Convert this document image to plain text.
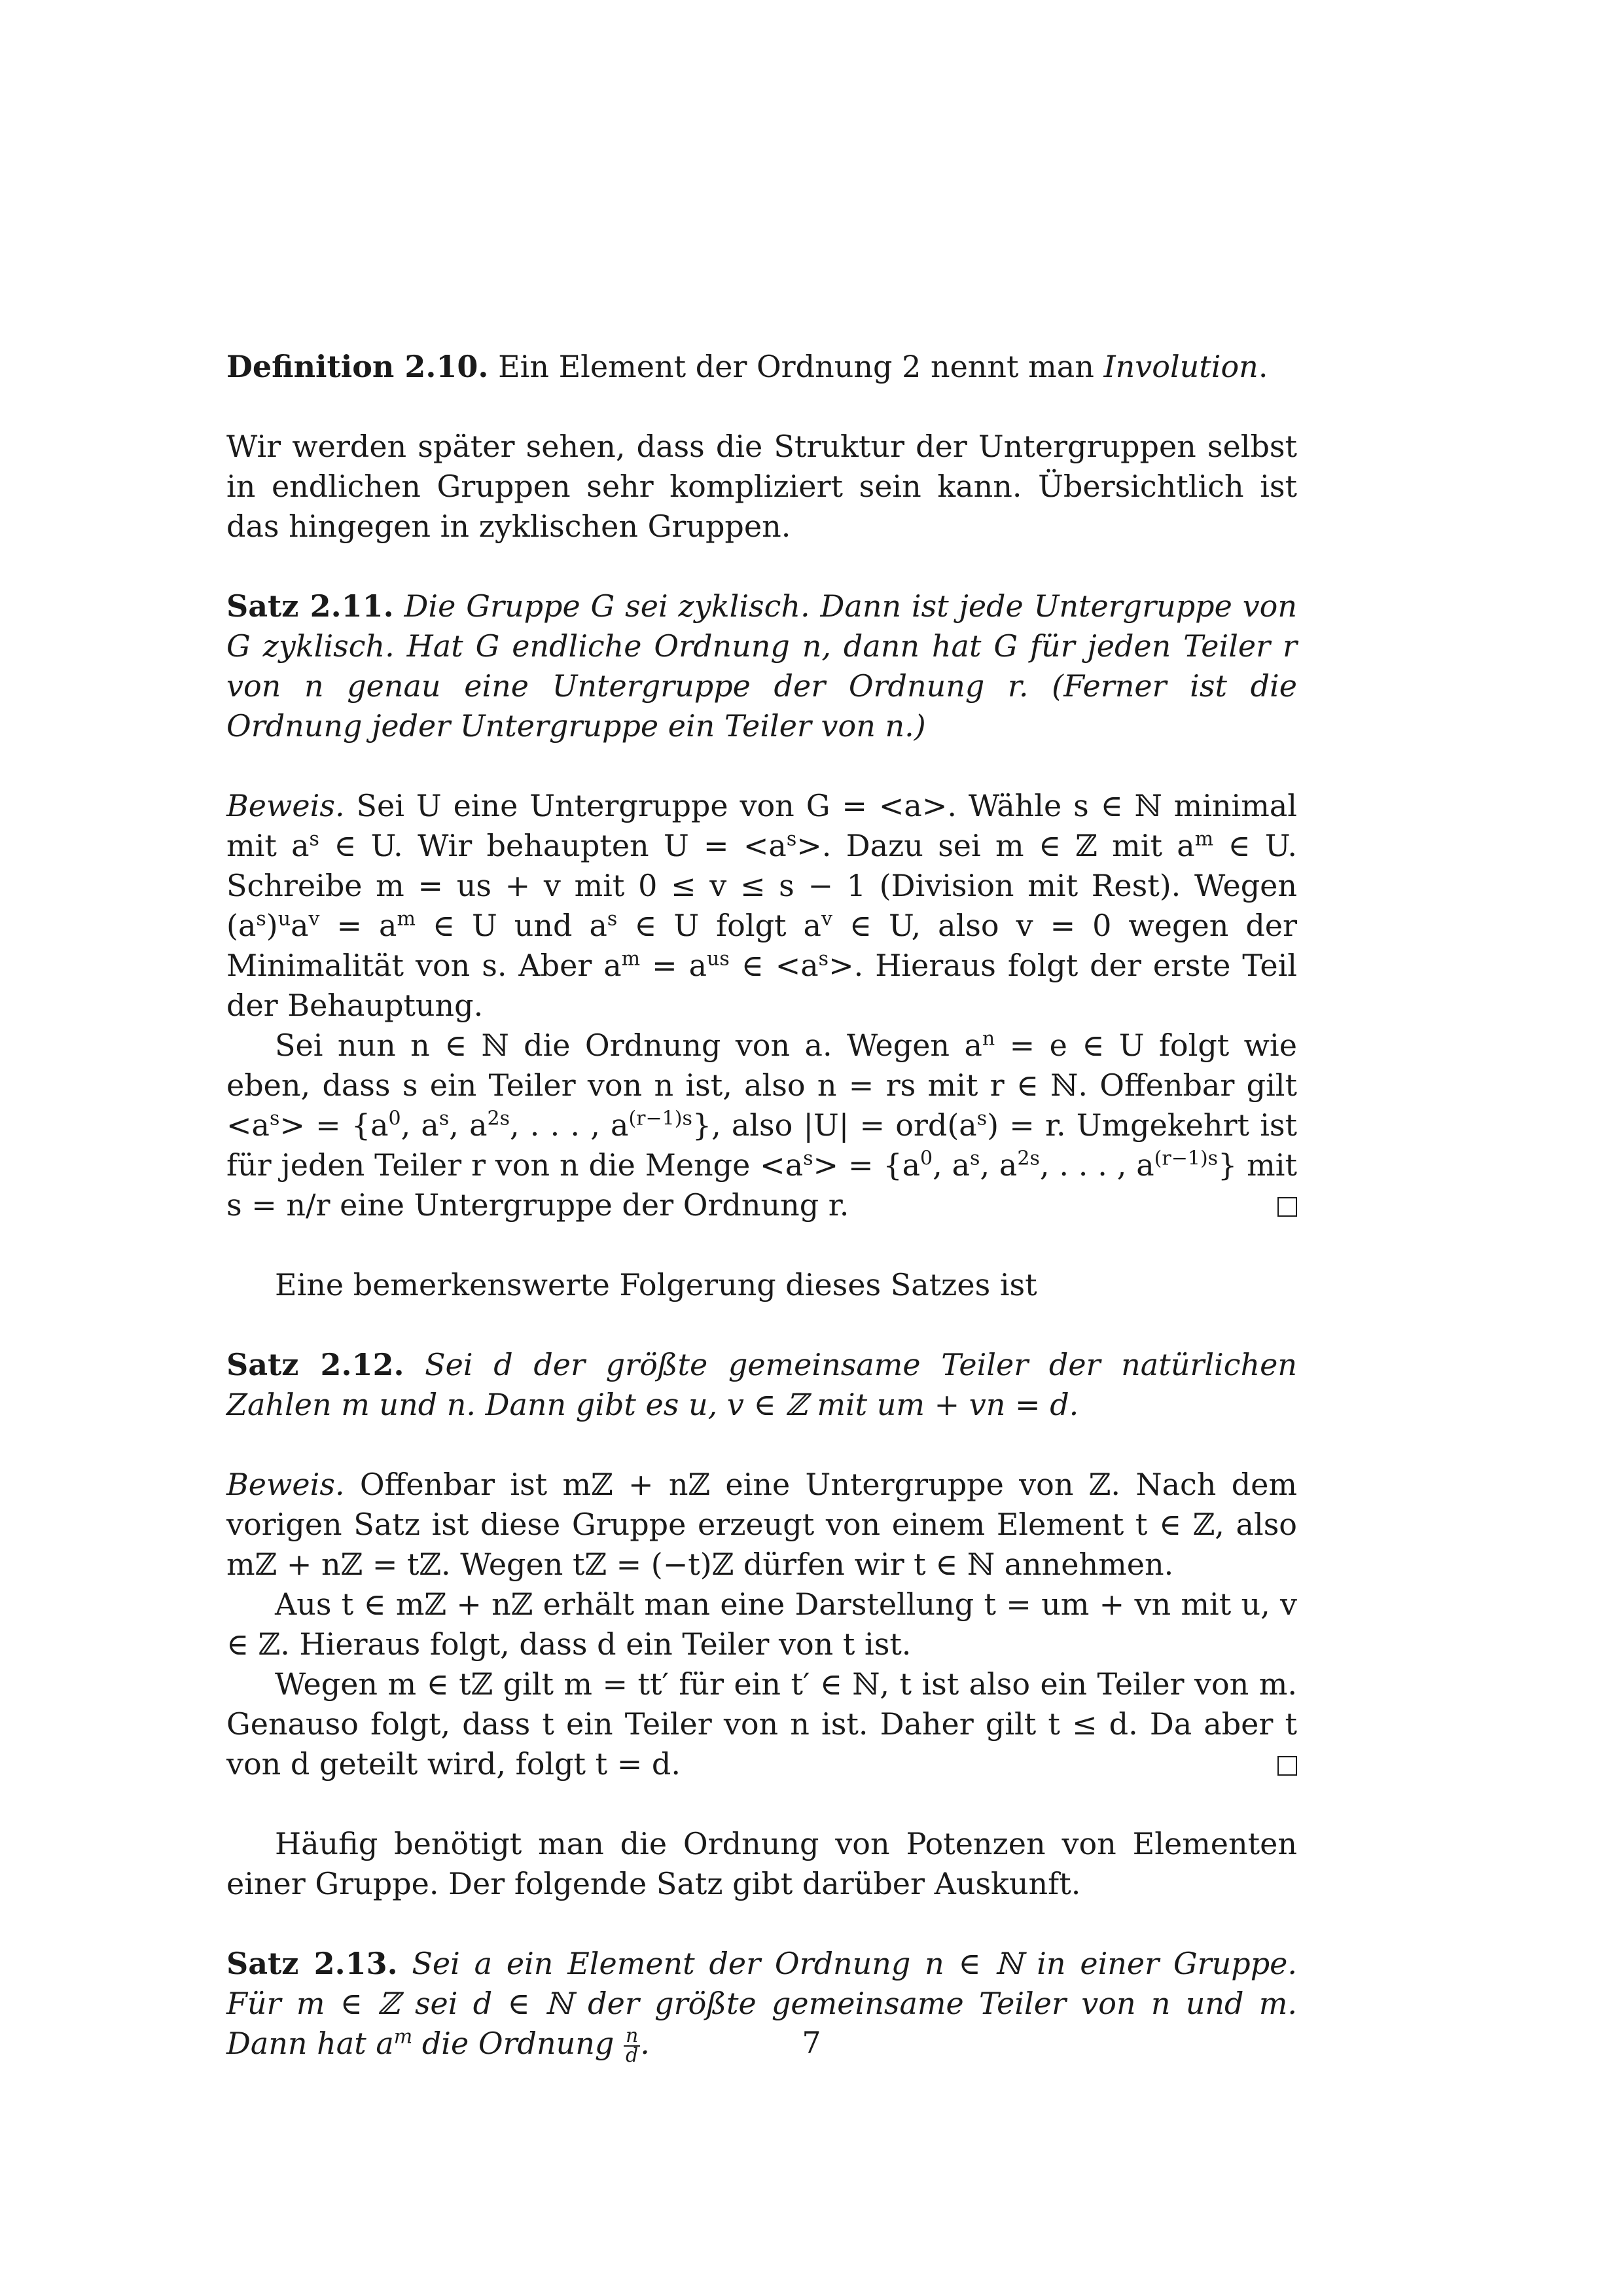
Definition 2.10. Ein Element der Ordnung 2 nennt man Involution.

Wir werden später sehen, dass die Struktur der Untergruppen selbst in endlichen Gruppen sehr kompliziert sein kann. Übersichtlich ist das hingegen in zyklischen Gruppen.

Satz 2.11. Die Gruppe G sei zyklisch. Dann ist jede Untergruppe von G zyklisch. Hat G endliche Ordnung n, dann hat G für jeden Teiler r von n genau eine Untergruppe der Ordnung r. (Ferner ist die Ordnung jeder Untergruppe ein Teiler von n.)

Beweis. Sei U eine Untergruppe von G = <a>. Wähle s ∈ ℕ minimal mit $a^s$ ∈ U. Wir behaupten $U = <a^s>$. Dazu sei m ∈ ℤ mit $a^m$ ∈ U. Schreibe m = us + v mit 0 ≤ v ≤ s − 1 (Division mit Rest). Wegen $(a^s)^ua^v = a^m$ ∈ U und $a^s$ ∈ U folgt $a^v$ ∈ U, also v = 0 wegen der Minimalität von s. Aber $a^m = a^{us}$ ∈ $<a^s>$. Hieraus folgt der erste Teil der Behauptung.

Sei nun n ∈ ℕ die Ordnung von a. Wegen $a^n = e$ ∈ U folgt wie eben, dass s ein Teiler von n ist, also n = rs mit r ∈ ℕ. Offenbar gilt $<a^s> = \{a^0$, $a^s$, $a^{2s}$, . . . , $a^{(r-1)s}$}, also $|U| = ord(a^s) = r$. Umgekehrt ist für jeden Teiler r von n die Menge $<a^s> = \{a^0$, $a^s$, $a^{2s}$, . . . , $a^{(r-1)s}$} mit s = n/r eine Untergruppe der Ordnung r.

Eine bemerkenswerte Folgerung dieses Satzes ist

Satz 2.12. Sei d der größte gemeinsame Teiler der natürlichen Zahlen m und n. Dann gibt es u, v ∈ ℤ mit um + vn = d.

Beweis. Offenbar ist mℤ + nℤ eine Untergruppe von ℤ. Nach dem vorigen Satz ist diese Gruppe erzeugt von einem Element t ∈ ℤ, also mℤ + nℤ = tℤ. Wegen tℤ = (−t)ℤ dürfen wir t ∈ ℕ annehmen.

Aus t ∈ mℤ + nℤ erhält man eine Darstellung t = um + vn mit u, v ∈ ℤ. Hieraus folgt, dass d ein Teiler von t ist.

Wegen m ∈ tℤ gilt m = tt′ für ein t′ ∈ ℕ, t ist also ein Teiler von m. Genauso folgt, dass t ein Teiler von n ist. Daher gilt t ≤ d. Da aber t von d geteilt wird, folgt t = d.

Häufig benötigt man die Ordnung von Potenzen von Elementen einer Gruppe. Der folgende Satz gibt darüber Auskunft.

Satz 2.13. Sei a ein Element der Ordnung n ∈ ℕ in einer Gruppe. Für m ∈ ℤ sei d ∈ ℕ der größte gemeinsame Teiler von n und m. Dann hat $a^m$ die Ordnung $\frac{n}{d}$ .	7
